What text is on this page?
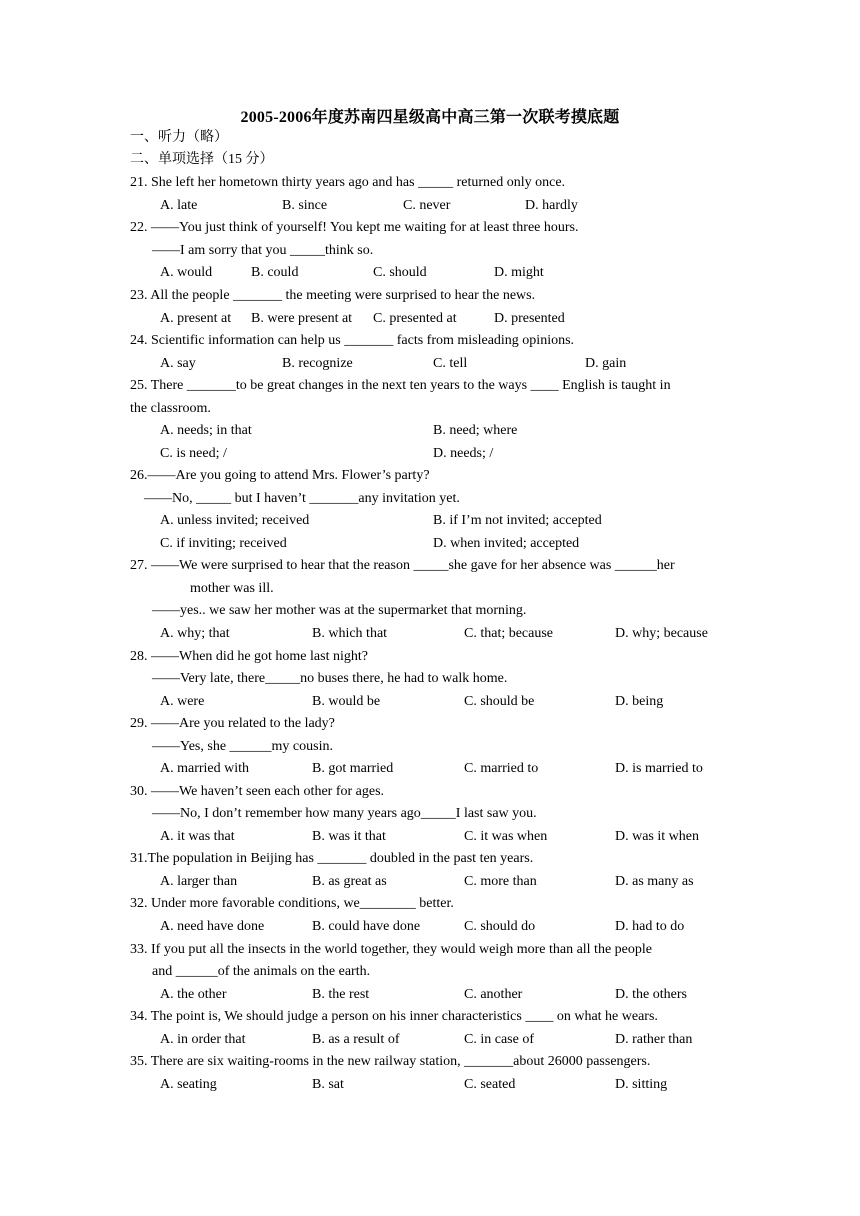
2005-2006年度苏南四星级高中高三第一次联考摸底题
一、听力（略）
二、单项选择（15 分）
21. She left her hometown thirty years ago and has _____ returned only once.
A. late	B. since	C. never	D. hardly
22. ——You just think of yourself! You kept me waiting for at least three hours.
——I am sorry that you _____think so.
A. would	B. could	C. should	D. might
23. All the people _______ the meeting were surprised to hear the news.
A. present at B. were present at C. presented at	D. presented
24. Scientific information can help us _______ facts from misleading opinions.
A. say	B. recognize	C. tell	D. gain
25. There _______to be great changes in the next ten years to the ways ____ English is taught in
the classroom.
A. needs; in that	B. need; where
C. is need; /	D. needs; /
26.——Are you going to attend Mrs. Flower’s party?
——No, _____ but I haven’t _______any invitation yet.
A. unless invited; received	B. if I’m not invited; accepted
C. if inviting; received	D. when invited; accepted
27. ——We were surprised to hear that the reason _____she gave for her absence was ______her
mother was ill.
——yes.. we saw her mother was at the supermarket that morning.
A. why; that	B. which that	C. that; because	D. why; because
28. ——When did he got home last night?
——Very late, there_____no buses there, he had to walk home.
A. were	B. would be	C. should be	D. being
29. ——Are you related to the lady?
——Yes, she ______my cousin.
A. married with	B. got married	C. married to	D. is married to
30. ——We haven’t seen each other for ages.
——No, I don’t remember how many years ago_____I last saw you.
A. it was that	B. was it that	C. it was when	D. was it when
31.The population in Beijing has _______ doubled in the past ten years.
A. larger than	B. as great as	C. more than	D. as many as
32. Under more favorable conditions, we________ better.
A. need have done	B. could have done	C. should do	D. had to do
33. If you put all the insects in the world together, they would weigh more than all the people
and ______of the animals on the earth.
A. the other	B. the rest	C. another	D. the others
34. The point is, We should judge a person on his inner characteristics ____ on what he wears.
A. in order that	B. as a result of	C. in case of	D. rather than
35. There are six waiting-rooms in the new railway station, _______about 26000 passengers.
A. seating	B. sat	C. seated	D. sitting
